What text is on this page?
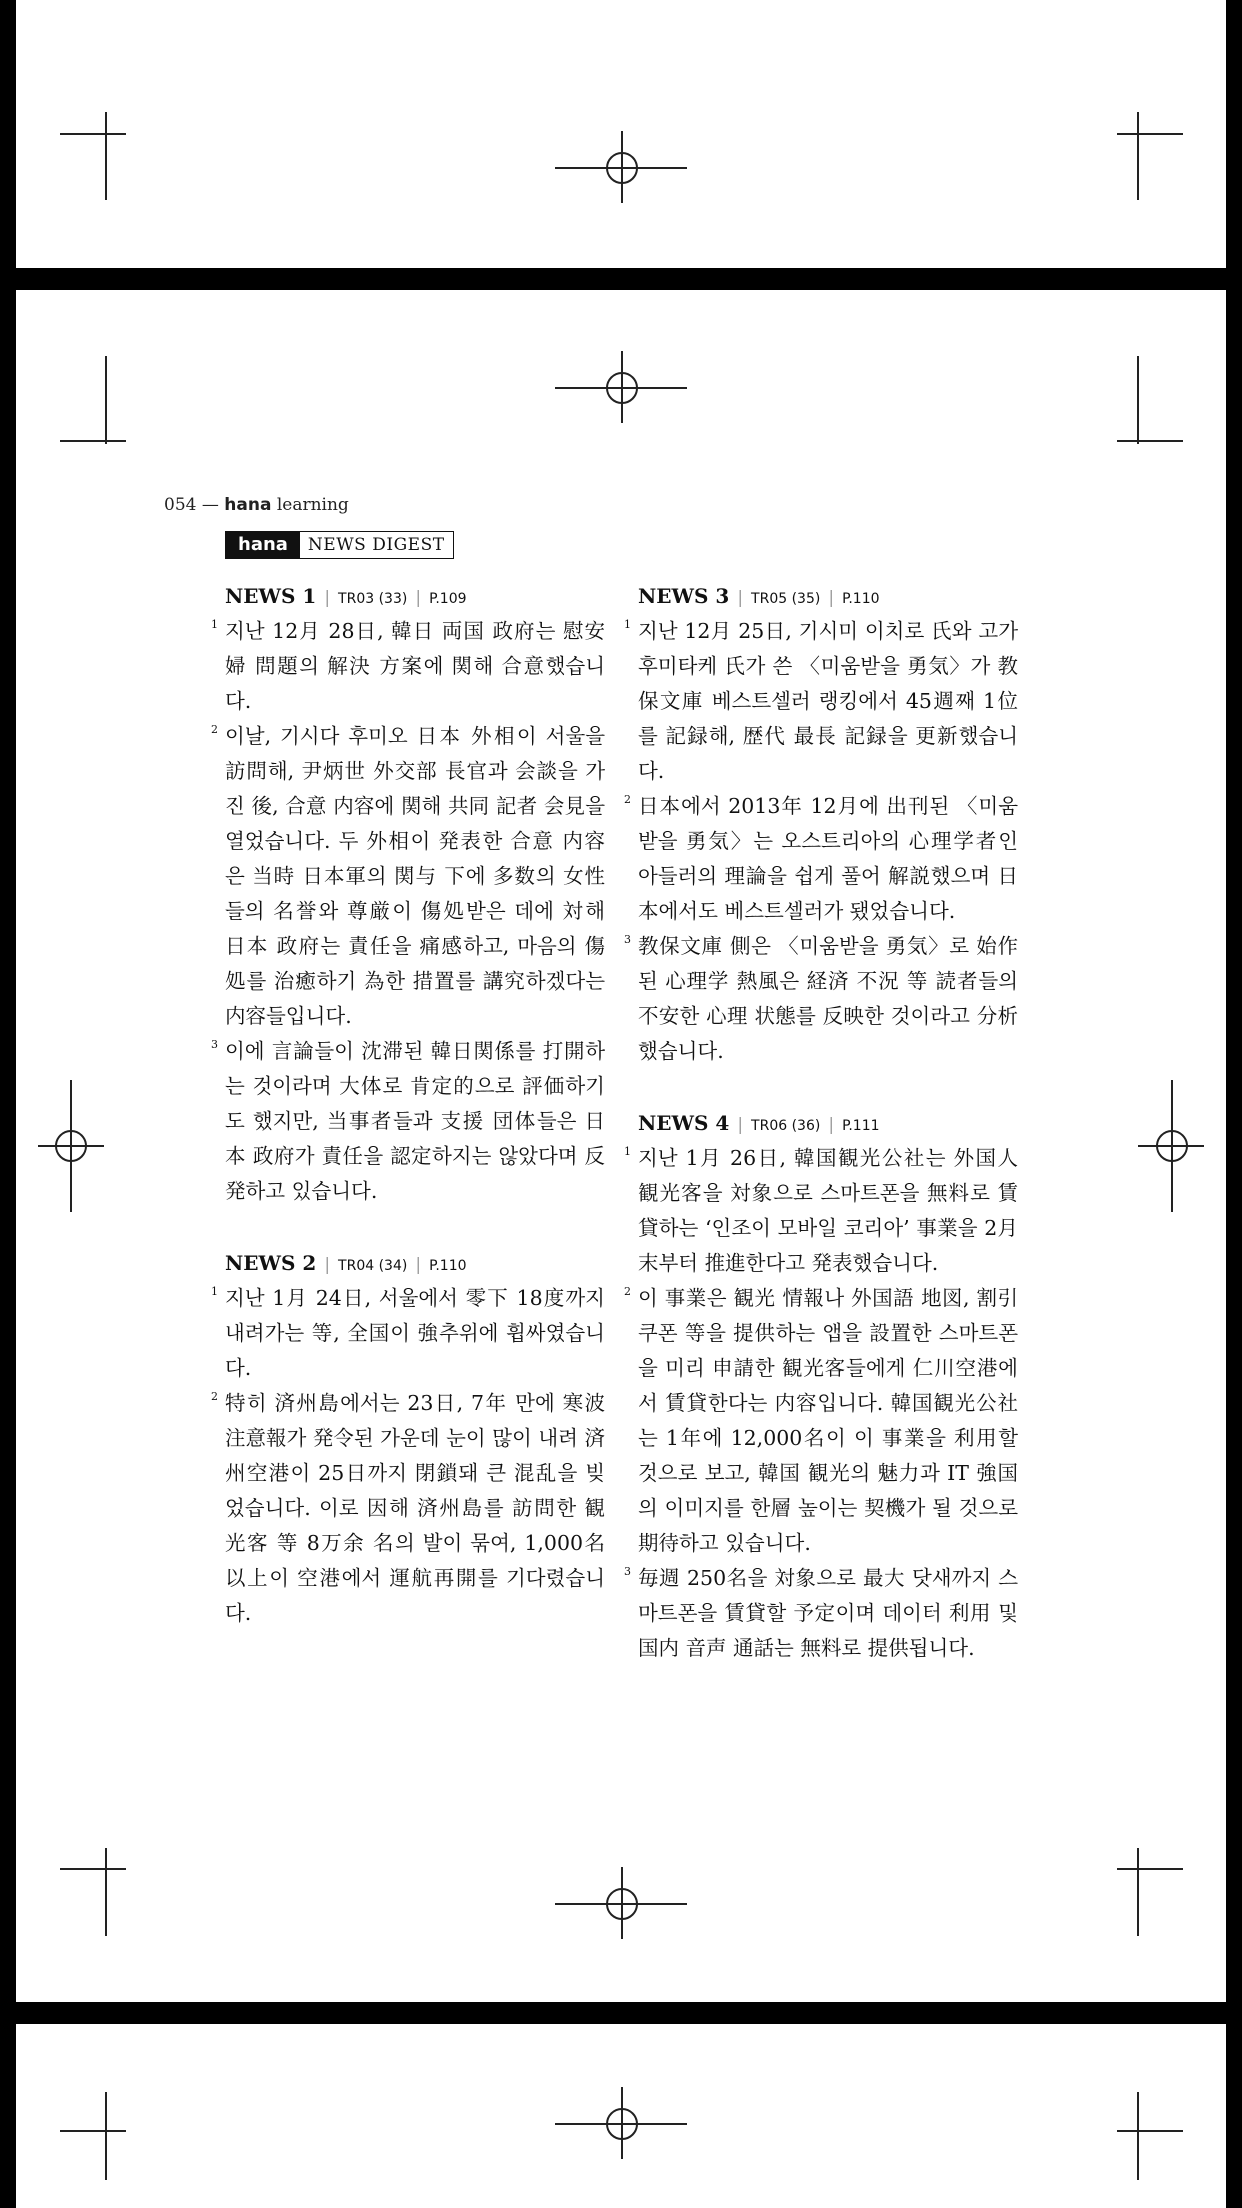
054 — hana learning
hana	NEWS DIGEST
NEWS 1 | TR03 (33) | P.109

1 지난 12月 28日, 韓日 両国 政府는 慰安婦 問題의 解決 方案에 関해 合意했습니다.

2 이날, 기시다 후미오 日本 外相이 서울을 訪問해, 尹炳世 外交部 長官과 会談을 가진 後, 合意 内容에 関해 共同 記者 会見을 열었습니다. 두 外相이 発表한 合意 内容은 当時 日本軍의 関与 下에 多数의 女性들의 名誉와 尊厳이 傷処받은 데에 対해 日本 政府는 責任을 痛感하고, 마음의 傷処를 治癒하기 為한 措置를 講究하겠다는 内容들입니다.

3 이에 言論들이 沈滞된 韓日関係를 打開하는 것이라며 大体로 肯定的으로 評価하기도 했지만, 当事者들과 支援 団体들은 日本 政府가 責任을 認定하지는 않았다며 反発하고 있습니다.

NEWS 2 | TR04 (34) | P.110

1 지난 1月 24日, 서울에서 零下 18度까지 내려가는 等, 全国이 強추위에 휩싸였습니다.

2 特히 済州島에서는 23日, 7年 만에 寒波注意報가 発令된 가운데 눈이 많이 내려 済州空港이 25日까지 閉鎖돼 큰 混乱을 빚었습니다. 이로 因해 済州島를 訪問한 観光客 等 8万余 名의 발이 묶여, 1,000名 以上이 空港에서 運航再開를 기다렸습니다.

NEWS 3 | TR05 (35) | P.110

1 지난 12月 25日, 기시미 이치로 氏와 고가 후미타케 氏가 쓴 〈미움받을 勇気〉가 教保文庫 베스트셀러 랭킹에서 45週째 1位를 記録해, 歴代 最長 記録을 更新했습니다.

2 日本에서 2013年 12月에 出刊된 〈미움받을 勇気〉는 오스트리아의 心理学者인 아들러의 理論을 쉽게 풀어 解説했으며 日本에서도 베스트셀러가 됐었습니다.

3 教保文庫 側은 〈미움받을 勇気〉로 始作된 心理学 熱風은 経済 不況 等 読者들의 不安한 心理 状態를 反映한 것이라고 分析했습니다.

NEWS 4 | TR06 (36) | P.111

1 지난 1月 26日, 韓国観光公社는 外国人 観光客을 対象으로 스마트폰을 無料로 賃貸하는 ‘인조이 모바일 코리아’ 事業을 2月 末부터 推進한다고 発表했습니다.

2 이 事業은 観光 情報나 外国語 地図, 割引 쿠폰 等을 提供하는 앱을 設置한 스마트폰을 미리 申請한 観光客들에게 仁川空港에서 賃貸한다는 内容입니다. 韓国観光公社는 1年에 12,000名이 이 事業을 利用할 것으로 보고, 韓国 観光의 魅力과 IT 強国의 이미지를 한層 높이는 契機가 될 것으로 期待하고 있습니다.

3 毎週 250名을 対象으로 最大 닷새까지 스마트폰을 賃貸할 予定이며 데이터 利用 및 国内 音声 通話는 無料로 提供됩니다.
